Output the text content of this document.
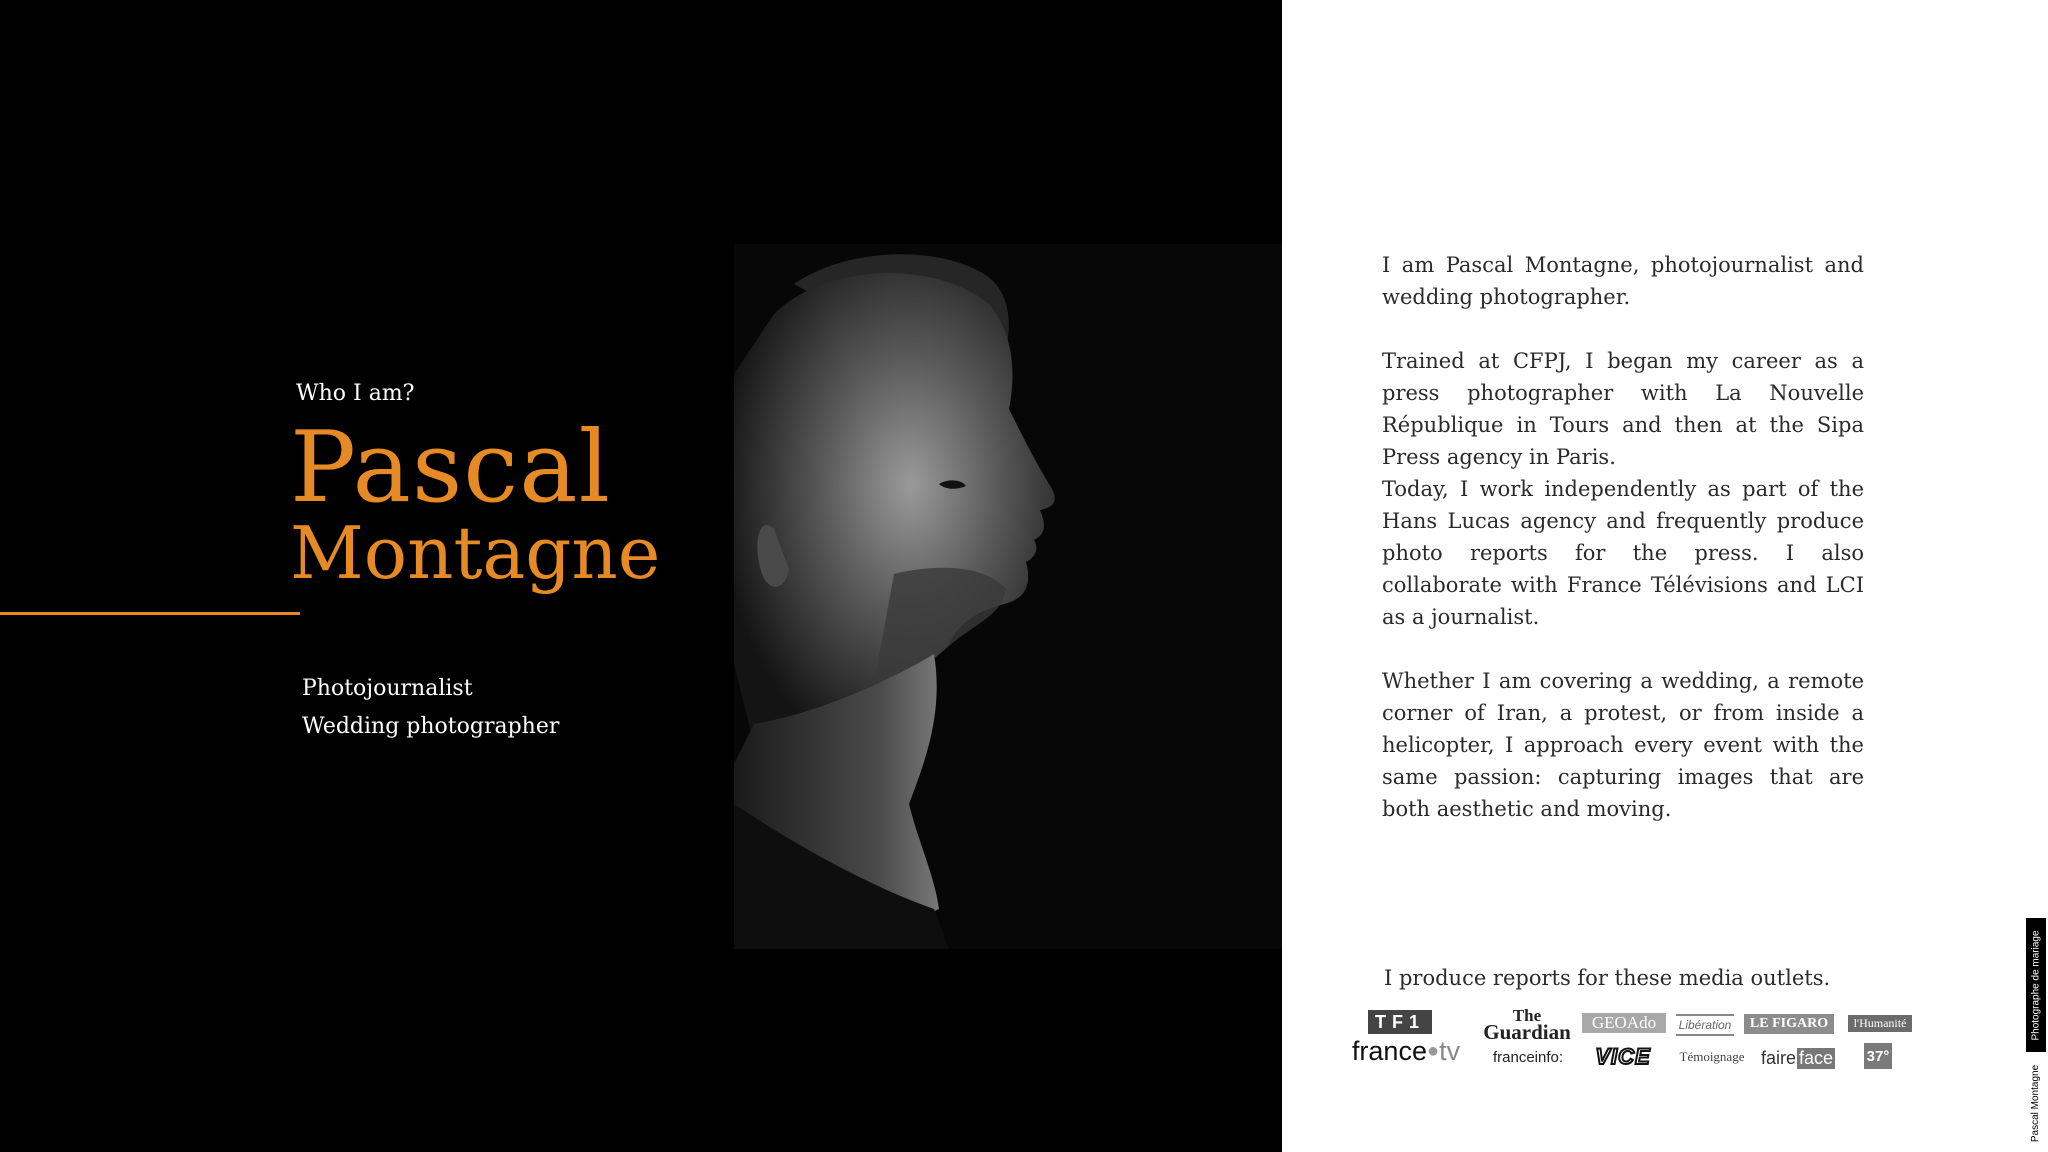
Who I am?
Pascal
Montagne
Photojournalist
Wedding photographer

I am Pascal Montagne, photojournalist and wedding photographer.

Trained at CFPJ, I began my career as a press photographer with La Nouvelle République in Tours and then at the Sipa Press agency in Paris.

Today, I work independently as part of the Hans Lucas agency and frequently produce photo reports for the press. I also collaborate with France Télévisions and LCI as a journalist.

Whether I am covering a wedding, a remote corner of Iran, a protest, or from inside a helicopter, I approach every event with the same passion: capturing images that are both aesthetic and moving.

I produce reports for these media outlets.
TF1	The
Guardian GEOAdo Libération LE FIGARO l'Humanité
france ● tv franceinfo: VICE Témoignage faire face 37°
Photographe de mariage
Pascal Montagne
